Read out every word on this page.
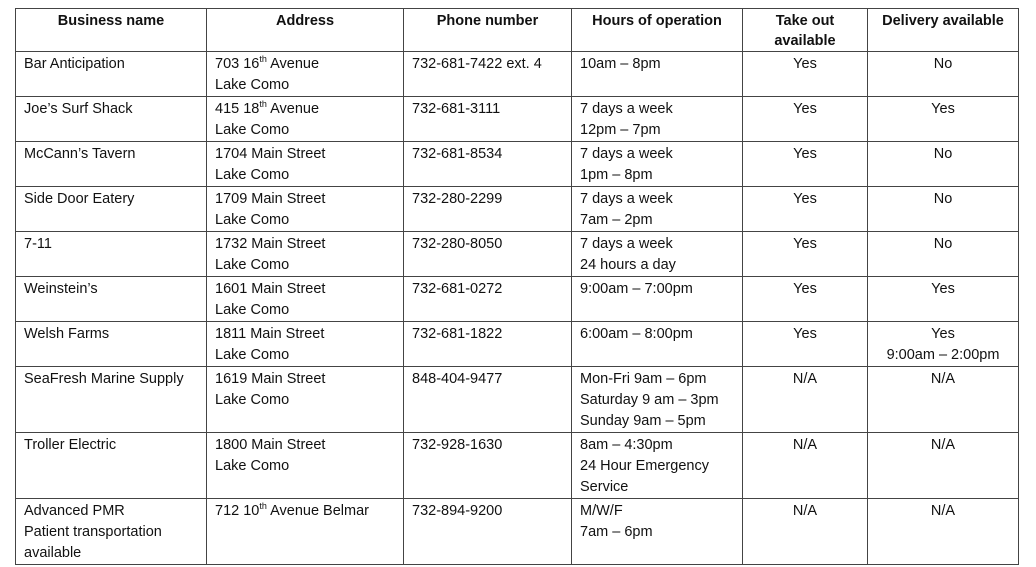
Business name	Address	Phone number	Hours of operation	Take out available	Delivery available

Bar Anticipation	703 16th Avenue
Lake Como	732-681-7422 ext. 4	10am – 8pm	Yes	No

Joe’s Surf Shack	415 18th Avenue
Lake Como	732-681-3111	7 days a week
12pm – 7pm	Yes	Yes

McCann’s Tavern	1704 Main Street
Lake Como	732-681-8534	7 days a week
1pm – 8pm	Yes	No

Side Door Eatery	1709 Main Street
Lake Como	732-280-2299	7 days a week
7am – 2pm	Yes	No

7-11	1732 Main Street
Lake Como	732-280-8050	7 days a week
24 hours a day	Yes	No

Weinstein’s	1601 Main Street
Lake Como	732-681-0272	9:00am – 7:00pm	Yes	Yes

Welsh Farms	1811 Main Street
Lake Como	732-681-1822	6:00am – 8:00pm	Yes	Yes
9:00am – 2:00pm

SeaFresh Marine Supply	1619 Main Street
Lake Como	848-404-9477	Mon-Fri 9am – 6pm
Saturday 9 am – 3pm
Sunday 9am – 5pm	N/A	N/A

Troller Electric	1800 Main Street
Lake Como	732-928-1630	8am – 4:30pm
24 Hour Emergency
Service	N/A	N/A

Advanced PMR
Patient transportation
available	712 10th Avenue Belmar	732-894-9200	M/W/F
7am – 6pm	N/A	N/A
